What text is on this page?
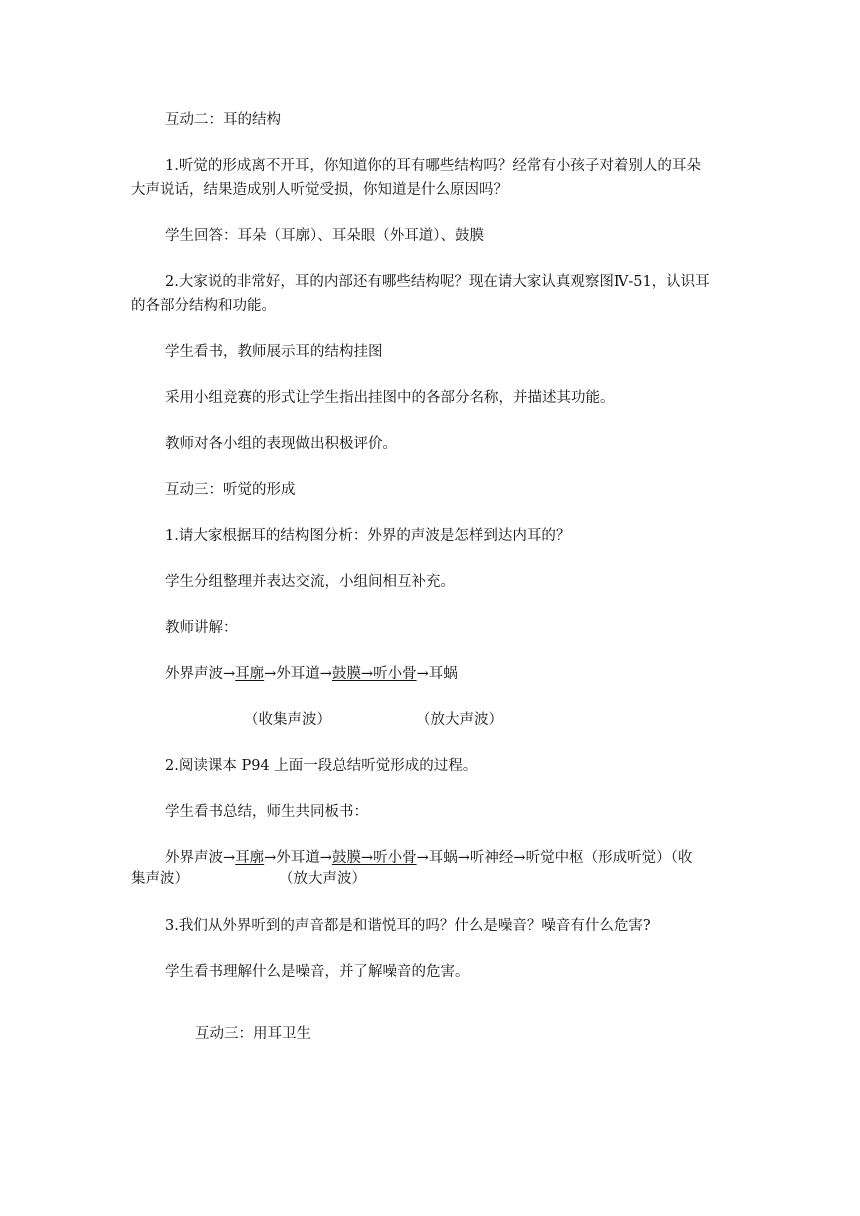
互动二：耳的结构
1.听觉的形成离不开耳，你知道你的耳有哪些结构吗？经常有小孩子对着别人的耳朵
大声说话，结果造成别人听觉受损，你知道是什么原因吗？
学生回答：耳朵（耳廓）、耳朵眼（外耳道）、鼓膜
2.大家说的非常好，耳的内部还有哪些结构呢？现在请大家认真观察图Ⅳ-51，认识耳
的各部分结构和功能。
学生看书，教师展示耳的结构挂图
采用小组竞赛的形式让学生指出挂图中的各部分名称，并描述其功能。
教师对各小组的表现做出积极评价。
互动三：听觉的形成
1.请大家根据耳的结构图分析：外界的声波是怎样到达内耳的？
学生分组整理并表达交流，小组间相互补充。
教师讲解：
外界声波→耳廓→外耳道→鼓膜→听小骨→耳蜗
（收集声波）	（放大声波）
2.阅读课本 P94 上面一段总结听觉形成的过程。
学生看书总结，师生共同板书：
外界声波→耳廓→外耳道→鼓膜→听小骨→耳蜗→听神经→听觉中枢（形成听觉）（收
集声波）	（放大声波）
3.我们从外界听到的声音都是和谐悦耳的吗？什么是噪音？噪音有什么危害?
学生看书理解什么是噪音，并了解噪音的危害。
互动三：用耳卫生
